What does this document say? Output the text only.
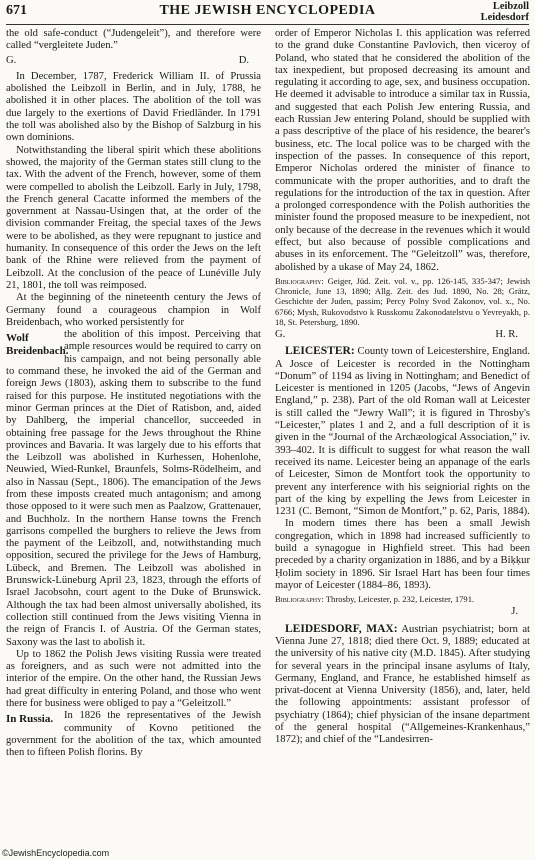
671	THE JEWISH ENCYCLOPEDIA	Leibzoll
Leidesdorf

the old safe-conduct (“Judengeleit”), and therefore were called “vergleitete Juden.”

G.	D.

In December, 1787, Frederick William II. of Prussia abolished the Leibzoll in Berlin, and in July, 1788, he abolished it in other places. The abolition of the toll was due largely to the exertions of David Friedländer. In 1791 the toll was abolished also by the Bishop of Salzburg in his own dominions.

Notwithstanding the liberal spirit which these abolitions showed, the majority of the German states still clung to the tax. With the advent of the French, however, some of them were compelled to abolish the Leibzoll. Early in July, 1798, the French general Cacatte informed the members of the government at Nassau-Usingen that, at the order of the division commander Freitag, the special taxes of the Jews were to be abolished, as they were repugnant to justice and humanity. In consequence of this order the Jews on the left bank of the Rhine were relieved from the payment of Leibzoll. At the conclusion of the peace of Lunéville July 21, 1801, the toll was reimposed.

At the beginning of the nineteenth century the Jews of Germany found a courageous champion in Wolf Breidenbach, who worked persistently for

Wolf Breidenbach.

the abolition of this impost. Perceiving that ample resources would be required to carry on his campaign, and not being personally able to command these, he invoked the aid of the German and foreign Jews (1803), asking them to subscribe to the fund raised for this purpose. He instituted negotiations with the minor German princes at the Diet of Ratisbon, and, aided by Dahlberg, the imperial chancellor, succeeded in obtaining free passage for the Jews throughout the Rhine provinces and Bavaria. It was largely due to his efforts that the Leibzoll was abolished in Kurhessen, Hohenlohe, Neuwied, Wied-Runkel, Braunfels, Solms-Rödelheim, and also in Nassau (Sept., 1806). The emancipation of the Jews from these imposts created much antagonism; and among those opposed to it were such men as Paalzow, Grattenauer, and Buchholz. In the northern Hanse towns the French garrisons compelled the burghers to relieve the Jews from the payment of the Leibzoll, and, notwithstanding much opposition, secured the privilege for the Jews of Hamburg, Lübeck, and Bremen. The Leibzoll was abolished in Brunswick-Lüneburg April 23, 1823, through the efforts of Israel Jacobsohn, court agent to the Duke of Brunswick. Although the tax had been almost universally abolished, its collection still continued from the Jews visiting Vienna in the reign of Francis I. of Austria. Of the German states, Saxony was the last to abolish it.

Up to 1862 the Polish Jews visiting Russia were treated as foreigners, and as such were not admitted into the interior of the empire. On the other hand, the Russian Jews had great difficulty in entering Poland, and those who went there for business were obliged to pay a “Geleitzoll.”

In Russia.	In 1826 the representatives of the Jewish community of Kovno petitioned the government for the abolition of the tax, which amounted then to fifteen Polish florins. By

order of Emperor Nicholas I. this application was referred to the grand duke Constantine Pavlovich, then viceroy of Poland, who stated that he considered the abolition of the tax inexpedient, but proposed decreasing its amount and regulating it according to age, sex, and business occupation. He deemed it advisable to introduce a similar tax in Russia, and suggested that each Polish Jew entering Russia, and each Russian Jew entering Poland, should be supplied with a pass descriptive of the place of his residence, the bearer's business, etc. The local police was to be charged with the inspection of the passes. In consequence of this report, Emperor Nicholas ordered the minister of finance to communicate with the proper authorities, and to draft the regulations for the introduction of the tax in question. After a prolonged correspondence with the Polish authorities the minister found the proposed measure to be inexpedient, not only because of the decrease in the revenues which it would effect, but also because of possible complications and abuses in its enforcement. The “Geleitzoll” was, therefore, abolished by a ukase of May 24, 1862.

Bibliography: Geiger, Jüd. Zeit. vol. v., pp. 126-145, 335-347; Jewish Chronicle, June 13, 1890; Allg. Zeit. des Jud. 1890, No. 28; Grätz, Geschichte der Juden, passim; Percy Polny Svod Zakonov, vol. x., No. 6766; Mysh, Rukovodstvo k Russkomu Zakonodatelstvu o Yevreyakh, p. 18, St. Petersburg, 1890.
G.	H. R.

LEICESTER: County town of Leicestershire, England. A Josce of Leicester is recorded in the Nottingham “Donum” of 1194 as living in Nottingham; and Benedict of Leicester is mentioned in 1205 (Jacobs, “Jews of Angevin England,” p. 238). Part of the old Roman wall at Leicester is still called the “Jewry Wall”; it is figured in Throsby's “Leicester,” plates 1 and 2, and a full description of it is given in the “Journal of the Archæological Association,” iv. 393–402. It is difficult to suggest for what reason the wall received its name. Leicester being an appanage of the earls of Leicester, Simon de Montfort took the opportunity to prevent any interference with his seigniorial rights on the part of the king by expelling the Jews from Leicester in 1231 (C. Bemont, “Simon de Montfort,” p. 62, Paris, 1884).

In modern times there has been a small Jewish congregation, which in 1898 had increased sufficiently to build a synagogue in Highfield street. This had been preceded by a charity organization in 1886, and by a Biḳḳur Ḥolim society in 1896. Sir Israel Hart has been four times mayor of Leicester (1884–86, 1893).

Bibliography: Throsby, Leicester, p. 232, Leicester, 1791.
J.

LEIDESDORF, MAX: Austrian psychiatrist; born at Vienna June 27, 1818; died there Oct. 9, 1889; educated at the university of his native city (M.D. 1845). After studying for several years in the principal insane asylums of Italy, Germany, England, and France, he established himself as privat-docent at Vienna University (1856), and, later, held the following appointments: assistant professor of psychiatry (1864); chief physician of the insane department of the general hospital (“Allgemeines-Krankenhaus,” 1872); and chief of the “Landesirren-

©JewishEncyclopedia.com
